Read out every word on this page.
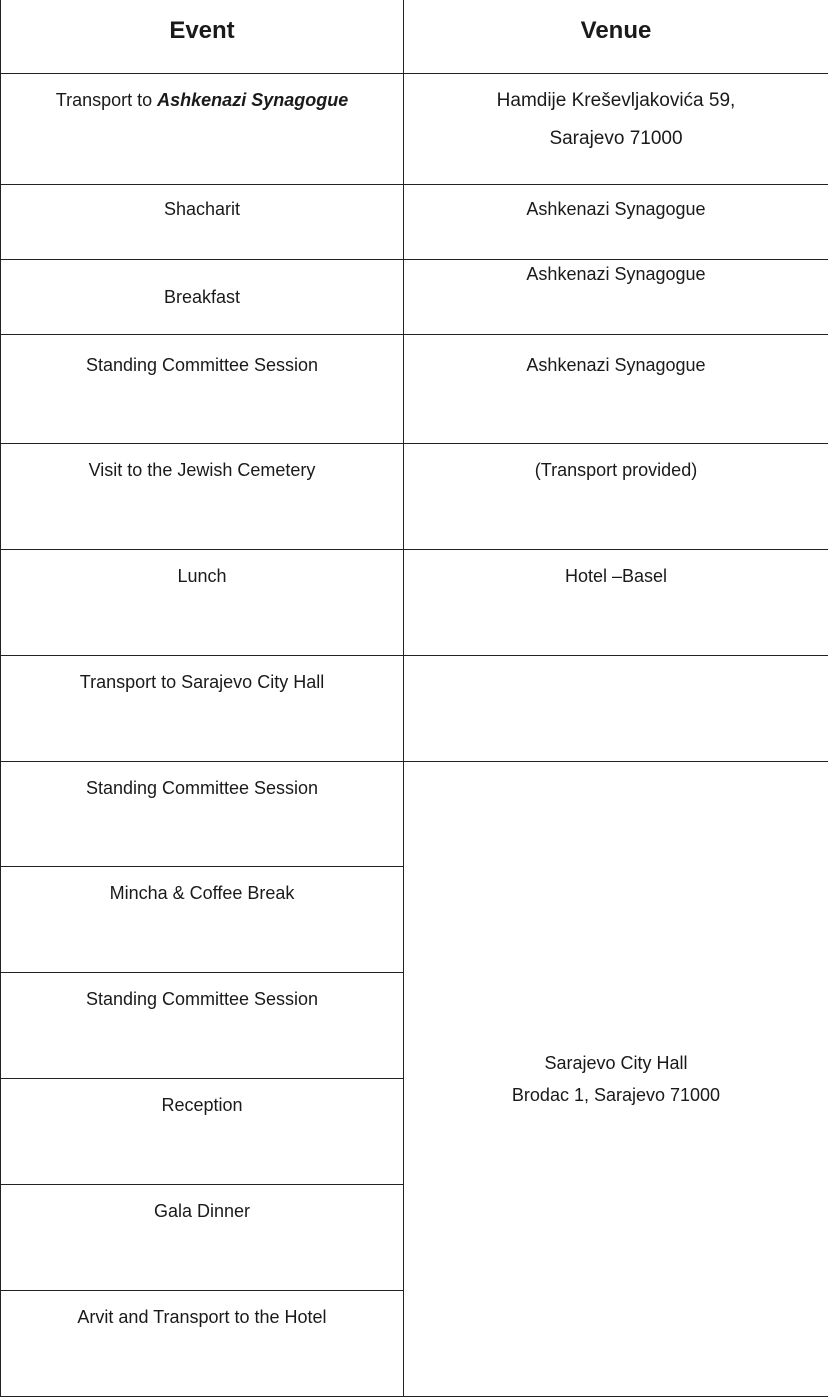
Event	Venue
Transport to Ashkenazi Synagogue	Hamdije Kreševljakovića 59,
Sarajevo 71000

Shacharit	Ashkenazi Synagogue
Breakfast	Ashkenazi Synagogue
Standing Committee Session	Ashkenazi Synagogue
Visit to the Jewish Cemetery	(Transport provided)
Lunch	Hotel –Basel
Transport to Sarajevo City Hall	
Standing Committee Session	Sarajevo City Hall
Brodac 1, Sarajevo 71000

Mincha & Coffee Break	
Standing Committee Session	
Reception	
Gala Dinner	
Arvit and Transport to the Hotel	
